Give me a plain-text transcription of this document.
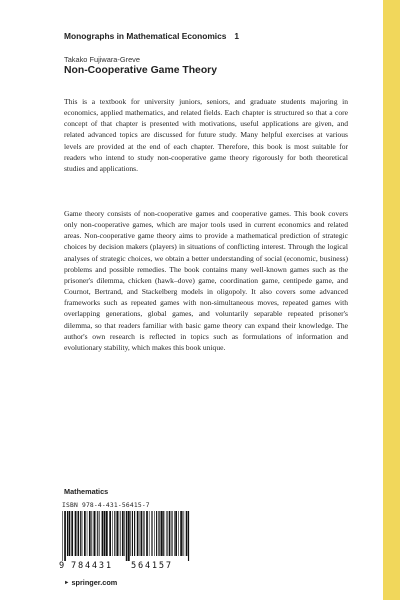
Monographs in Mathematical Economics 1
Takako Fujiwara-Greve
Non-Cooperative Game Theory

This is a textbook for university juniors, seniors, and graduate students majoring in economics, applied mathematics, and related fields. Each chapter is structured so that a core concept of that chapter is presented with motivations, useful applications are given, and related advanced topics are discussed for future study. Many helpful exercises at various levels are provided at the end of each chapter. Therefore, this book is most suitable for readers who intend to study non-cooperative game theory rigorously for both theoretical studies and applications.

Game theory consists of non-cooperative games and cooperative games. This book covers only non-cooperative games, which are major tools used in current economics and related areas. Non-cooperative game theory aims to provide a mathematical prediction of strategic choices by decision makers (players) in situations of conflicting interest. Through the logical analyses of strategic choices, we obtain a better understanding of social (economic, business) problems and possible remedies. The book contains many well-known games such as the prisoner's dilemma, chicken (hawk–dove) game, coordination game, centipede game, and Cournot, Bertrand, and Stackelberg models in oligopoly. It also covers some advanced frameworks such as repeated games with non-simultaneous moves, repeated games with overlapping generations, global games, and voluntarily separable repeated prisoner's dilemma, so that readers familiar with basic game theory can expand their knowledge. The author's own research is reflected in topics such as formulations of information and evolutionary stability, which makes this book unique.

Mathematics
ISBN 978-4-431-56415-7
9 784431 564157
► springer.com
